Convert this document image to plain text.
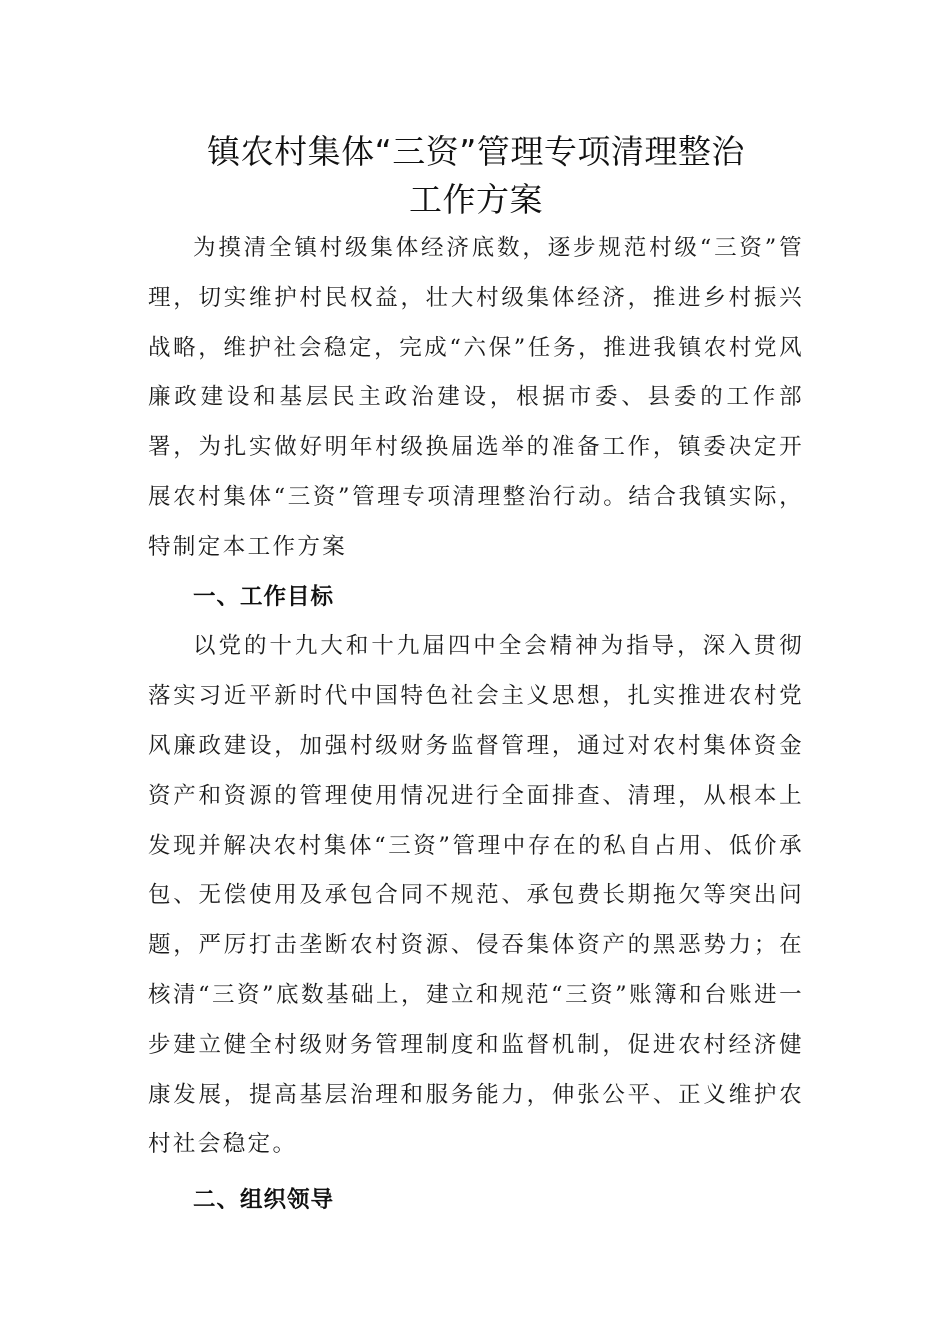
镇农村集体“三资”管理专项清理整治
工作方案

为摸清全镇村级集体经济底数，逐步规范村级“三资”管理，切实维护村民权益，壮大村级集体经济，推进乡村振兴战略，维护社会稳定，完成“六保”任务，推进我镇农村党风廉政建设和基层民主政治建设，根据市委、县委的工作部署，为扎实做好明年村级换届选举的准备工作，镇委决定开展农村集体“三资”管理专项清理整治行动。结合我镇实际，特制定本工作方案

一、工作目标

以党的十九大和十九届四中全会精神为指导，深入贯彻落实习近平新时代中国特色社会主义思想，扎实推进农村党风廉政建设，加强村级财务监督管理，通过对农村集体资金资产和资源的管理使用情况进行全面排查、清理，从根本上发现并解决农村集体“三资”管理中存在的私自占用、低价承包、无偿使用及承包合同不规范、承包费长期拖欠等突出问题，严厉打击垄断农村资源、侵吞集体资产的黑恶势力；在核清“三资”底数基础上，建立和规范“三资”账簿和台账进一步建立健全村级财务管理制度和监督机制，促进农村经济健康发展，提高基层治理和服务能力，伸张公平、正义维护农村社会稳定。

二、组织领导
